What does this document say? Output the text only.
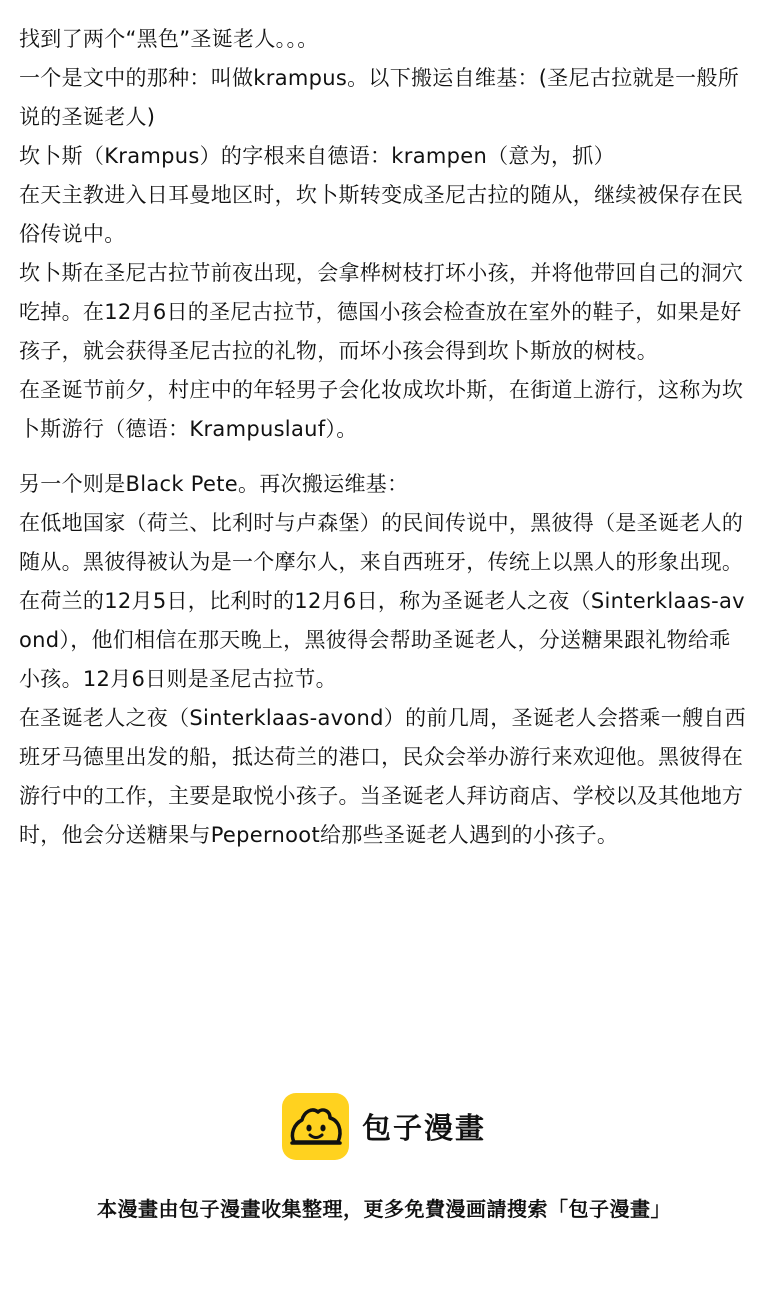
找到了两个“黑色”圣诞老人。。。

一个是文中的那种：叫做krampus。以下搬运自维基：(圣尼古拉就是一般所说的圣诞老人)

坎卜斯（Krampus）的字根来自德语：krampen（意为，抓）

在天主教进入日耳曼地区时，坎卜斯转变成圣尼古拉的随从，继续被保存在民俗传说中。

坎卜斯在圣尼古拉节前夜出现，会拿桦树枝打坏小孩，并将他带回自己的洞穴吃掉。在12月6日的圣尼古拉节，德国小孩会检查放在室外的鞋子，如果是好孩子，就会获得圣尼古拉的礼物，而坏小孩会得到坎卜斯放的树枝。

在圣诞节前夕，村庄中的年轻男子会化妆成坎圤斯，在街道上游行，这称为坎卜斯游行（德语：Krampuslauf）。

另一个则是Black Pete。再次搬运维基：

在低地国家（荷兰、比利时与卢森堡）的民间传说中，黑彼得（是圣诞老人的随从。黑彼得被认为是一个摩尔人，来自西班牙，传统上以黑人的形象出现。

在荷兰的12月5日，比利时的12月6日，称为圣诞老人之夜（Sinterklaas-avond），他们相信在那天晚上，黑彼得会帮助圣诞老人，分送糖果跟礼物给乖小孩。12月6日则是圣尼古拉节。

在圣诞老人之夜（Sinterklaas-avond）的前几周，圣诞老人会搭乘一艘自西班牙马德里出发的船，抵达荷兰的港口，民众会举办游行来欢迎他。黑彼得在游行中的工作，主要是取悦小孩子。当圣诞老人拜访商店、学校以及其他地方时，他会分送糖果与Pepernoot给那些圣诞老人遇到的小孩子。

包子漫畫
本漫畫由包子漫畫收集整理，更多免費漫画請搜索「包子漫畫」
